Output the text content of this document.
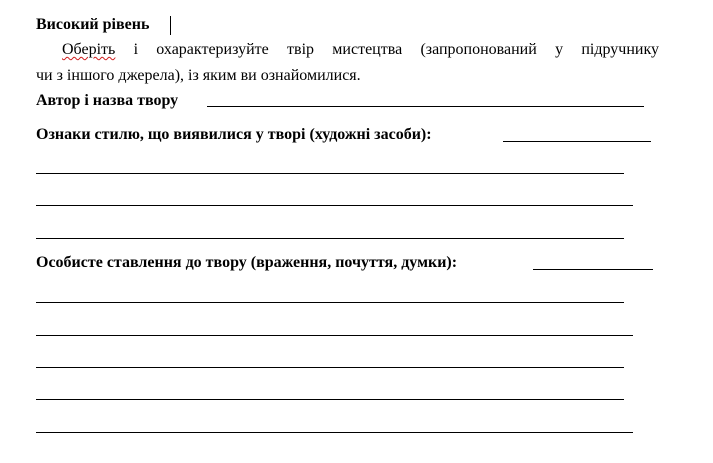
Високий рівень
Оберіть і охарактеризуйте твір мистецтва (запропонований у підручнику
чи з іншого джерела), із яким ви ознайомилися.
Автор і назва твору
Ознаки стилю, що виявилися у творі (художні засоби):
Особисте ставлення до твору (враження, почуття, думки):
